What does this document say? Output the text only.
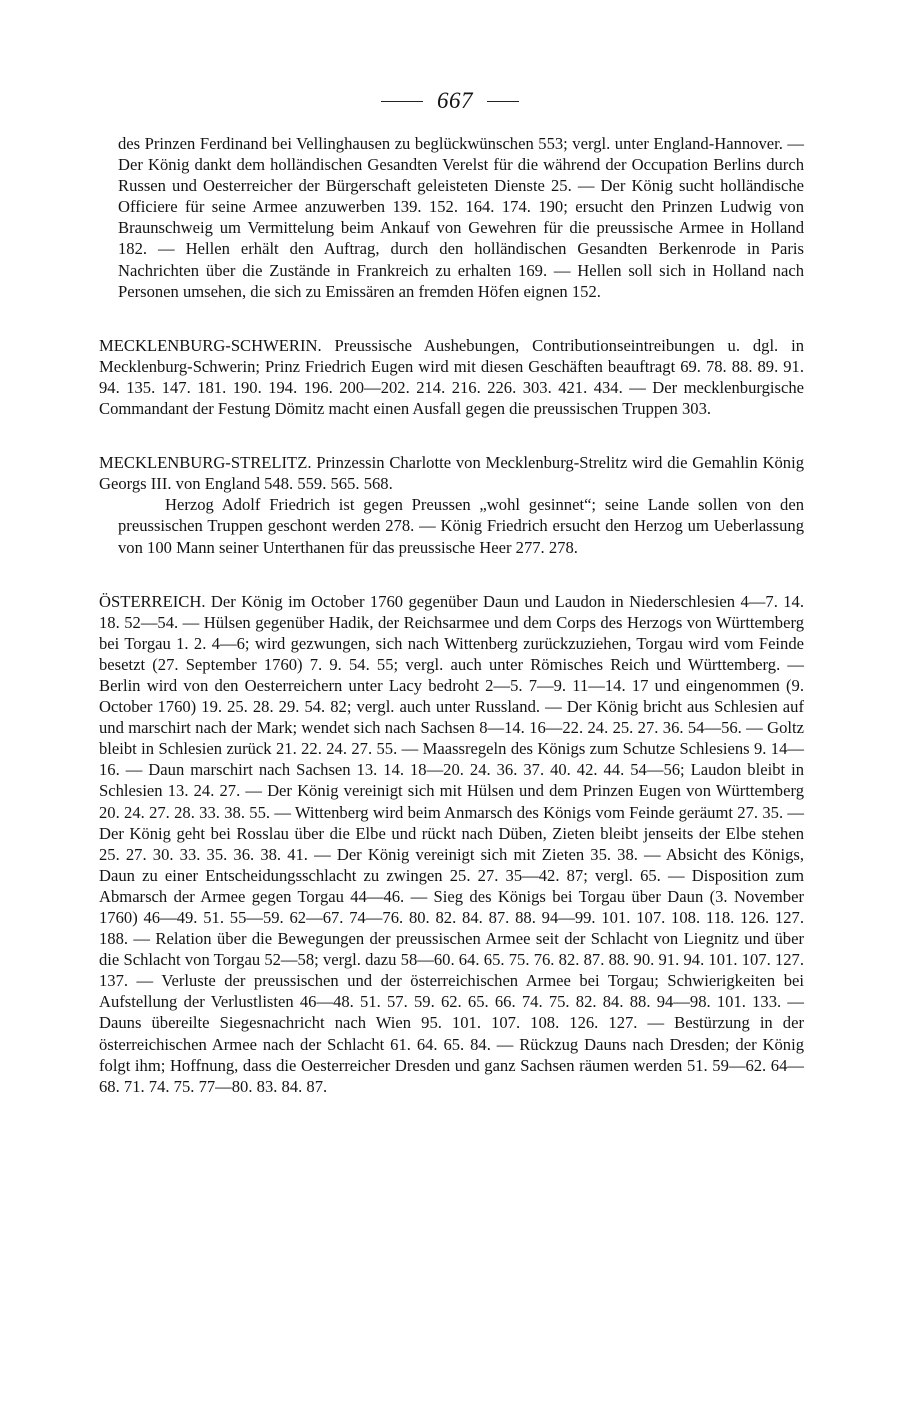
667

des Prinzen Ferdinand bei Vellinghausen zu beglückwünschen 553; vergl. unter England-Hannover. — Der König dankt dem holländischen Gesandten Verelst für die während der Occupation Berlins durch Russen und Oesterreicher der Bürgerschaft geleisteten Dienste 25. — Der König sucht holländische Officiere für seine Armee anzuwerben 139. 152. 164. 174. 190; ersucht den Prinzen Ludwig von Braunschweig um Vermittelung beim Ankauf von Gewehren für die preussische Armee in Holland 182. — Hellen erhält den Auftrag, durch den holländischen Gesandten Berkenrode in Paris Nachrichten über die Zustände in Frankreich zu erhalten 169. — Hellen soll sich in Holland nach Personen umsehen, die sich zu Emissären an fremden Höfen eignen 152.

MECKLENBURG-SCHWERIN. Preussische Aushebungen, Contributionseintreibungen u. dgl. in Mecklenburg-Schwerin; Prinz Friedrich Eugen wird mit diesen Geschäften beauftragt 69. 78. 88. 89. 91. 94. 135. 147. 181. 190. 194. 196. 200—202. 214. 216. 226. 303. 421. 434. — Der mecklenburgische Commandant der Festung Dömitz macht einen Ausfall gegen die preussischen Truppen 303.

MECKLENBURG-STRELITZ. Prinzessin Charlotte von Mecklenburg-Strelitz wird die Gemahlin König Georgs III. von England 548. 559. 565. 568.

Herzog Adolf Friedrich ist gegen Preussen „wohl gesinnet“; seine Lande sollen von den preussischen Truppen geschont werden 278. — König Friedrich ersucht den Herzog um Ueberlassung von 100 Mann seiner Unterthanen für das preussische Heer 277. 278.

ÖSTERREICH. Der König im October 1760 gegenüber Daun und Laudon in Niederschlesien 4—7. 14. 18. 52—54. — Hülsen gegenüber Hadik, der Reichsarmee und dem Corps des Herzogs von Württemberg bei Torgau 1. 2. 4—6; wird gezwungen, sich nach Wittenberg zurückzuziehen, Torgau wird vom Feinde besetzt (27. September 1760) 7. 9. 54. 55; vergl. auch unter Römisches Reich und Württemberg. — Berlin wird von den Oesterreichern unter Lacy bedroht 2—5. 7—9. 11—14. 17 und eingenommen (9. October 1760) 19. 25. 28. 29. 54. 82; vergl. auch unter Russland. — Der König bricht aus Schlesien auf und marschirt nach der Mark; wendet sich nach Sachsen 8—14. 16—22. 24. 25. 27. 36. 54—56. — Goltz bleibt in Schlesien zurück 21. 22. 24. 27. 55. — Maassregeln des Königs zum Schutze Schlesiens 9. 14—16. — Daun marschirt nach Sachsen 13. 14. 18—20. 24. 36. 37. 40. 42. 44. 54—56; Laudon bleibt in Schlesien 13. 24. 27. — Der König vereinigt sich mit Hülsen und dem Prinzen Eugen von Württemberg 20. 24. 27. 28. 33. 38. 55. — Wittenberg wird beim Anmarsch des Königs vom Feinde geräumt 27. 35. — Der König geht bei Rosslau über die Elbe und rückt nach Düben, Zieten bleibt jenseits der Elbe stehen 25. 27. 30. 33. 35. 36. 38. 41. — Der König vereinigt sich mit Zieten 35. 38. — Absicht des Königs, Daun zu einer Entscheidungsschlacht zu zwingen 25. 27. 35—42. 87; vergl. 65. — Disposition zum Abmarsch der Armee gegen Torgau 44—46. — Sieg des Königs bei Torgau über Daun (3. November 1760) 46—49. 51. 55—59. 62—67. 74—76. 80. 82. 84. 87. 88. 94—99. 101. 107. 108. 118. 126. 127. 188. — Relation über die Bewegungen der preussischen Armee seit der Schlacht von Liegnitz und über die Schlacht von Torgau 52—58; vergl. dazu 58—60. 64. 65. 75. 76. 82. 87. 88. 90. 91. 94. 101. 107. 127. 137. — Verluste der preussischen und der österreichischen Armee bei Torgau; Schwierigkeiten bei Aufstellung der Verlustlisten 46—48. 51. 57. 59. 62. 65. 66. 74. 75. 82. 84. 88. 94—98. 101. 133. — Dauns übereilte Siegesnachricht nach Wien 95. 101. 107. 108. 126. 127. — Bestürzung in der österreichischen Armee nach der Schlacht 61. 64. 65. 84. — Rückzug Dauns nach Dresden; der König folgt ihm; Hoffnung, dass die Oesterreicher Dresden und ganz Sachsen räumen werden 51. 59—62. 64—68. 71. 74. 75. 77—80. 83. 84. 87.
